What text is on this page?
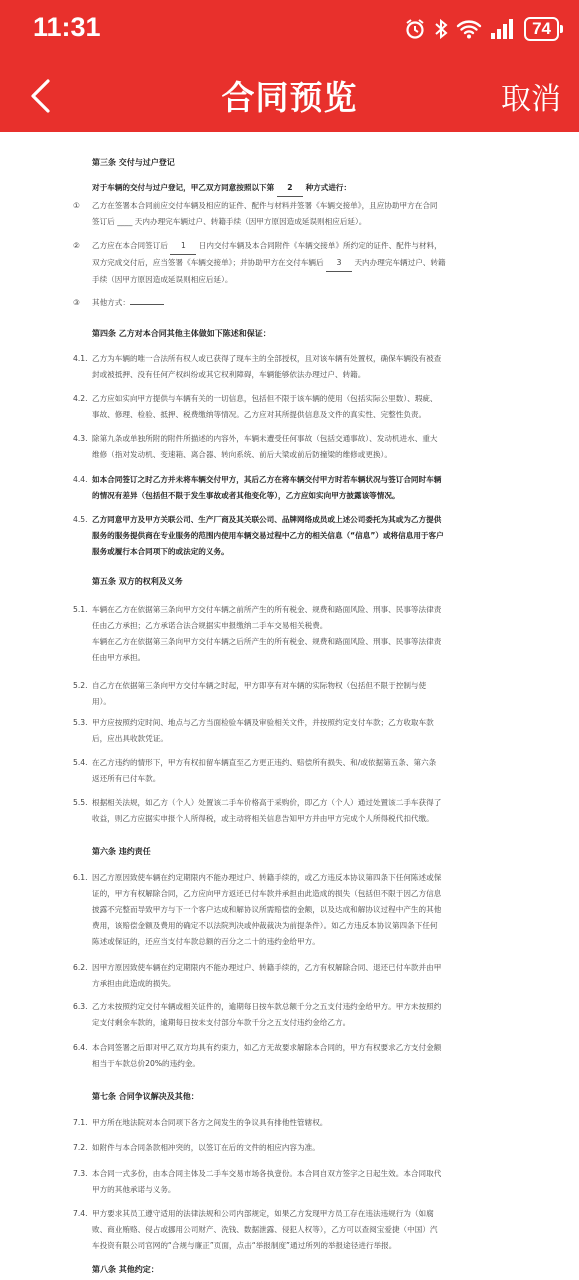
11:31	74
合同预览	取消
第三条 交付与过户登记
对于车辆的交付与过户登记，甲乙双方同意按照以下第 2 种方式进行：
① 乙方在签署本合同前应交付车辆及相应的证件、配件与材料并签署《车辆交接单》，且应协助甲方在合同
签订后 ____ 天内办理完车辆过户、转籍手续（因甲方原因造成延误则相应后延）。
② 乙方应在本合同签订后 1 日内交付车辆及本合同附件《车辆交接单》所约定的证件、配件与材料，
双方完成交付后，应当签署《车辆交接单》；并协助甲方在交付车辆后 3 天内办理完车辆过户、转籍
手续（因甲方原因造成延误则相应后延）。
③ 其他方式：
第四条 乙方对本合同其他主体做如下陈述和保证：
4.1. 乙方为车辆的唯一合法所有权人或已获得了现车主的全部授权，且对该车辆有处置权，确保车辆没有被查
封或被抵押、没有任何产权纠纷或其它权利障碍，车辆能够依法办理过户、转籍。
4.2. 乙方应如实向甲方提供与车辆有关的一切信息，包括但不限于该车辆的使用（包括实际公里数）、瑕疵、
事故、修理、检验、抵押、税费缴纳等情况。乙方应对其所提供信息及文件的真实性、完整性负责。
4.3. 除第九条或单独所附的附件所描述的内容外，车辆未遭受任何事故（包括交通事故）、发动机进水、重大
维修（指对发动机、变速箱、离合器、转向系统、前后大梁或前后防撞梁的维修或更换）。
4.4. 如本合同签订之时乙方并未将车辆交付甲方，其后乙方在将车辆交付甲方时若车辆状况与签订合同时车辆
的情况有差异（包括但不限于发生事故或者其他变化等），乙方应如实向甲方披露该等情况。
4.5. 乙方同意甲方及甲方关联公司、生产厂商及其关联公司、品牌网络成员或上述公司委托为其或为乙方提供
服务的服务提供商在专业服务的范围内使用车辆交易过程中乙方的相关信息（“信息”）或将信息用于客户
服务或履行本合同项下的或法定的义务。
第五条 双方的权利及义务
5.1. 车辆在乙方在依据第三条向甲方交付车辆之前所产生的所有税金、规费和路面风险、刑事、民事等法律责
任由乙方承担；乙方承诺合法合规据实申报缴纳二手车交易相关税费。
车辆在乙方在依据第三条向甲方交付车辆之后所产生的所有税金、规费和路面风险、刑事、民事等法律责
任由甲方承担。
5.2. 自乙方在依据第三条向甲方交付车辆之时起，甲方即享有对车辆的实际物权（包括但不限于控制与使
用）。
5.3. 甲方应按照约定时间、地点与乙方当面检验车辆及审验相关文件，并按照约定支付车款；乙方收取车款
后，应出具收款凭证。
5.4. 在乙方违约的情形下，甲方有权扣留车辆直至乙方更正违约、赔偿所有损失、和/或依据第五条、第六条
返还所有已付车款。
5.5. 根据相关法规，如乙方（个人）处置该二手车价格高于采购价，即乙方（个人）通过处置该二手车获得了
收益，则乙方应据实申报个人所得税，或主动将相关信息告知甲方并由甲方完成个人所得税代扣代缴。
第六条 违约责任
6.1. 因乙方原因致使车辆在约定期限内不能办理过户、转籍手续的，或乙方违反本协议第四条下任何陈述或保
证的，甲方有权解除合同，乙方应向甲方返还已付车款并承担由此造成的损失（包括但不限于因乙方信息
披露不完整而导致甲方与下一个客户达成和解协议所需赔偿的金额，以及达成和解协议过程中产生的其他
费用，该赔偿金额及费用的确定不以法院判决或仲裁裁决为前提条件）。如乙方违反本协议第四条下任何
陈述或保证的，还应当支付车款总额的百分之二十的违约金给甲方。
6.2. 因甲方原因致使车辆在约定期限内不能办理过户、转籍手续的，乙方有权解除合同、退还已付车款并由甲
方承担由此造成的损失。
6.3. 乙方未按照约定交付车辆或相关证件的，逾期每日按车款总额千分之五支付违约金给甲方。甲方未按照约
定支付剩余车款的，逾期每日按未支付部分车款千分之五支付违约金给乙方。
6.4. 本合同签署之后即对甲乙双方均具有约束力，如乙方无故要求解除本合同的，甲方有权要求乙方支付金额
相当于车款总价20%的违约金。
第七条 合同争议解决及其他：
7.1. 甲方所在地法院对本合同项下各方之间发生的争议具有排他性管辖权。
7.2. 如附件与本合同条款相冲突的，以签订在后的文件的相应内容为准。
7.3. 本合同一式多份，由本合同主体及二手车交易市场各执壹份。本合同自双方签字之日起生效。本合同取代
甲方的其他承诺与义务。
7.4. 甲方要求其员工遵守适用的法律法规和公司内部规定，如果乙方发现甲方员工存在违法违规行为（如腐
败、商业贿赂、侵占或挪用公司财产、洗钱、数据泄露、侵犯人权等），乙方可以查阅宝爱捷（中国）汽
车投资有限公司官网的“合规与廉正”页面，点击“举报制度”通过所列的举报途径进行举报。
第八条 其他约定：
